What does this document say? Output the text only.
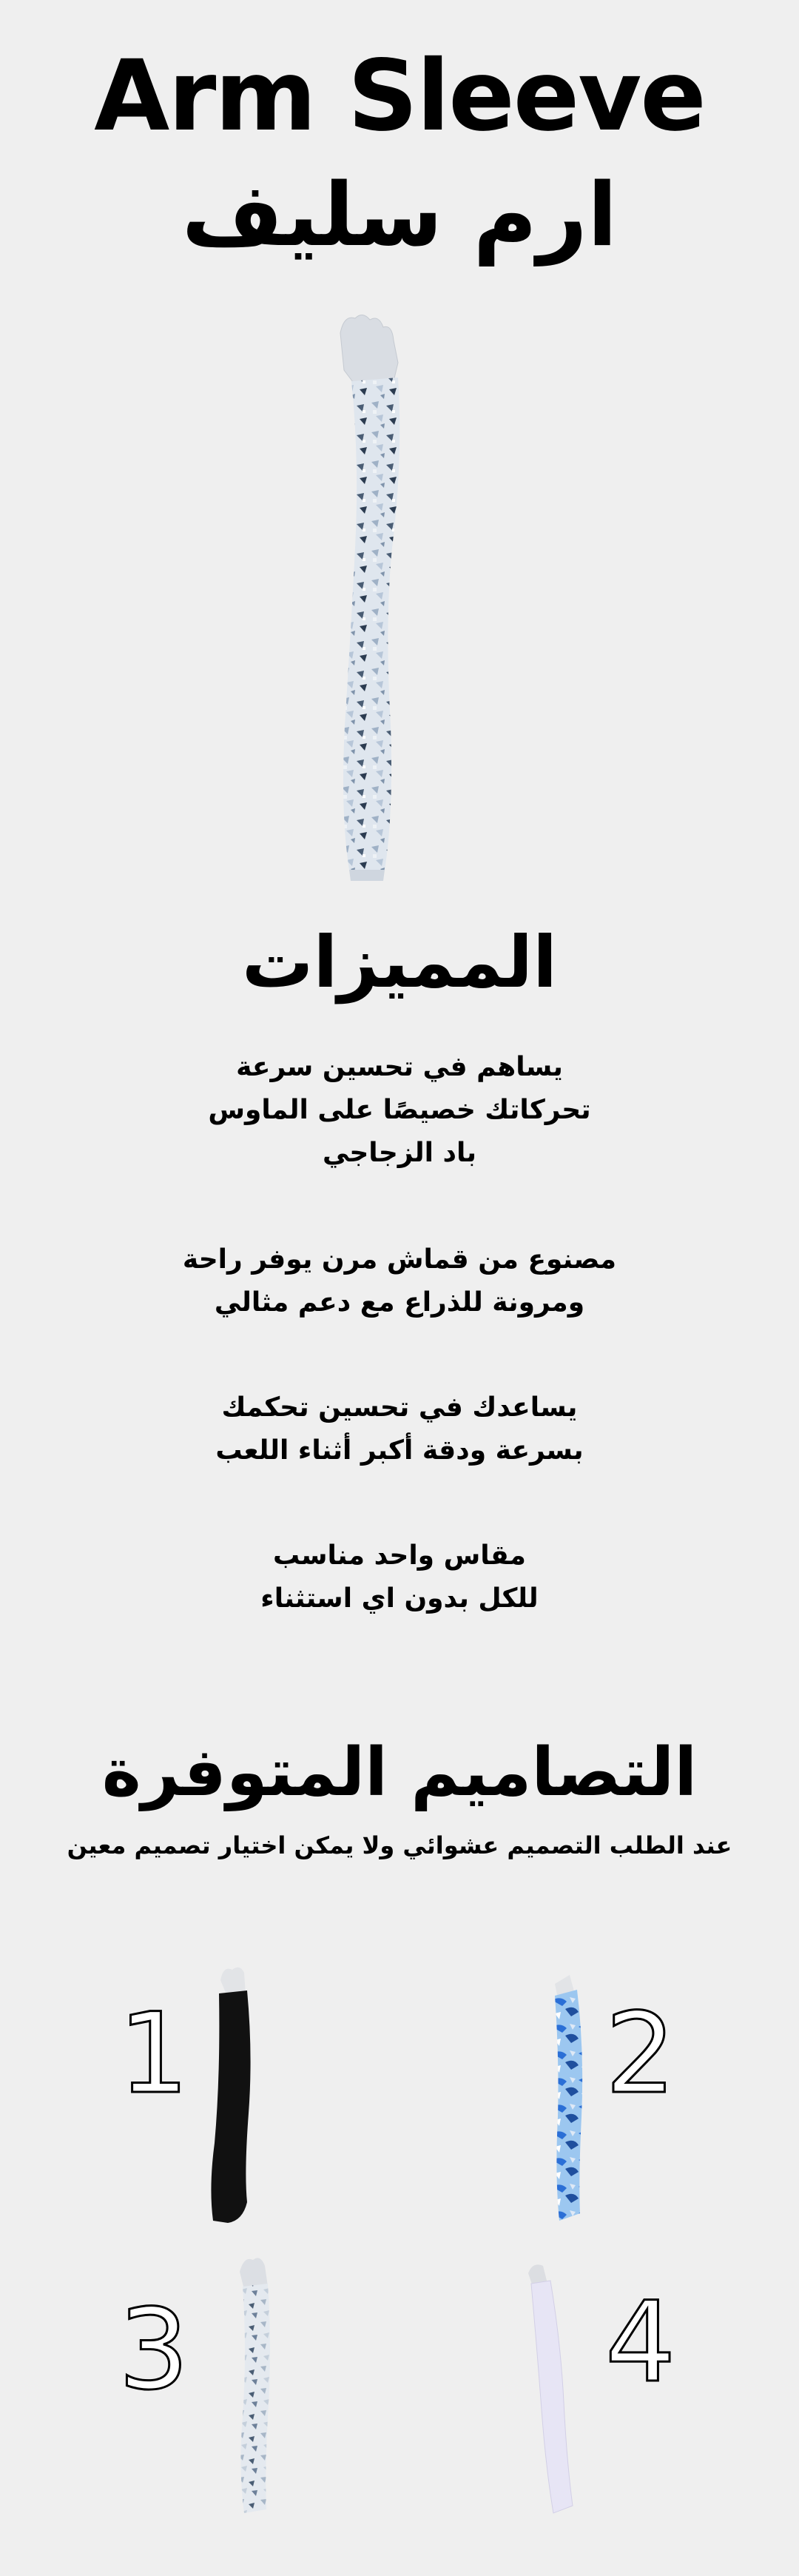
Arm Sleeve
ارم سليف
المميزات
يساهم في تحسين سرعة
تحركاتك خصيصًا على الماوس
باد الزجاجي
مصنوع من قماش مرن يوفر راحة
ومرونة للذراع مع دعم مثالي
يساعدك في تحسين تحكمك
بسرعة ودقة أكبر أثناء اللعب
مقاس واحد مناسب
للكل بدون اي استثناء
التصاميم المتوفرة
عند الطلب التصميم عشوائي ولا يمكن اختيار تصميم معين
1	2
3	4
